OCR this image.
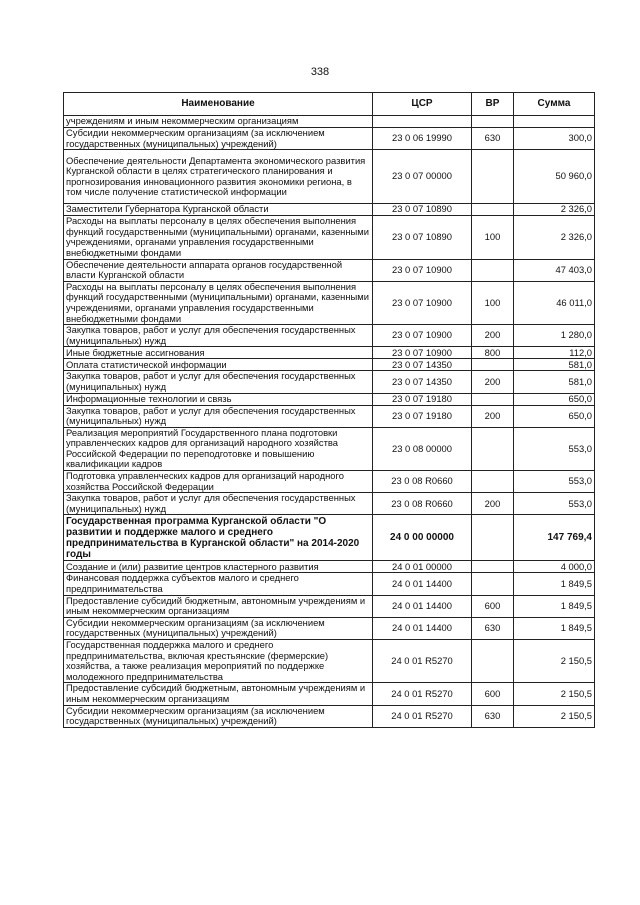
338
Наименование	ЦСР	ВР	Сумма
учреждениям и иным некоммерческим организациям			
Субсидии некоммерческим организациям (за исключением государственных (муниципальных) учреждений)	23 0 06 19990	630	300,0
Обеспечение деятельности Департамента экономического развития Курганской области в целях стратегического планирования и прогнозирования инновационного развития экономики региона, в том числе получение статистической информации	23 0 07 00000		50 960,0
Заместители Губернатора Курганской области	23 0 07 10890		2 326,0
Расходы на выплаты персоналу в целях обеспечения выполнения функций государственными (муниципальными) органами, казенными учреждениями, органами управления государственными внебюджетными фондами	23 0 07 10890	100	2 326,0
Обеспечение деятельности аппарата органов государственной власти Курганской области	23 0 07 10900		47 403,0
Расходы на выплаты персоналу в целях обеспечения выполнения функций государственными (муниципальными) органами, казенными учреждениями, органами управления государственными внебюджетными фондами	23 0 07 10900	100	46 011,0
Закупка товаров, работ и услуг для обеспечения государственных (муниципальных) нужд	23 0 07 10900	200	1 280,0
Иные бюджетные ассигнования	23 0 07 10900	800	112,0
Оплата статистической информации	23 0 07 14350		581,0
Закупка товаров, работ и услуг для обеспечения государственных (муниципальных) нужд	23 0 07 14350	200	581,0
Информационные технологии и связь	23 0 07 19180		650,0
Закупка товаров, работ и услуг для обеспечения государственных (муниципальных) нужд	23 0 07 19180	200	650,0
Реализация мероприятий Государственного плана подготовки управленческих кадров для организаций народного хозяйства Российской Федерации по переподготовке и повышению квалификации кадров	23 0 08 00000		553,0
Подготовка управленческих кадров для организаций народного хозяйства Российской Федерации	23 0 08 R0660		553,0
Закупка товаров, работ и услуг для обеспечения государственных (муниципальных) нужд	23 0 08 R0660	200	553,0
Государственная программа Курганской области "О развитии и поддержке малого и среднего предпринимательства в Курганской области" на 2014-2020 годы	24 0 00 00000		147 769,4
Создание и (или) развитие центров кластерного развития	24 0 01 00000		4 000,0
Финансовая поддержка субъектов малого и среднего предпринимательства	24 0 01 14400		1 849,5
Предоставление субсидий бюджетным, автономным учреждениям и иным некоммерческим организациям	24 0 01 14400	600	1 849,5
Субсидии некоммерческим организациям (за исключением государственных (муниципальных) учреждений)	24 0 01 14400	630	1 849,5
Государственная поддержка малого и среднего предпринимательства, включая крестьянские (фермерские) хозяйства, а также реализация мероприятий по поддержке молодежного предпринимательства	24 0 01 R5270		2 150,5
Предоставление субсидий бюджетным, автономным учреждениям и иным некоммерческим организациям	24 0 01 R5270	600	2 150,5
Субсидии некоммерческим организациям (за исключением государственных (муниципальных) учреждений)	24 0 01 R5270	630	2 150,5
